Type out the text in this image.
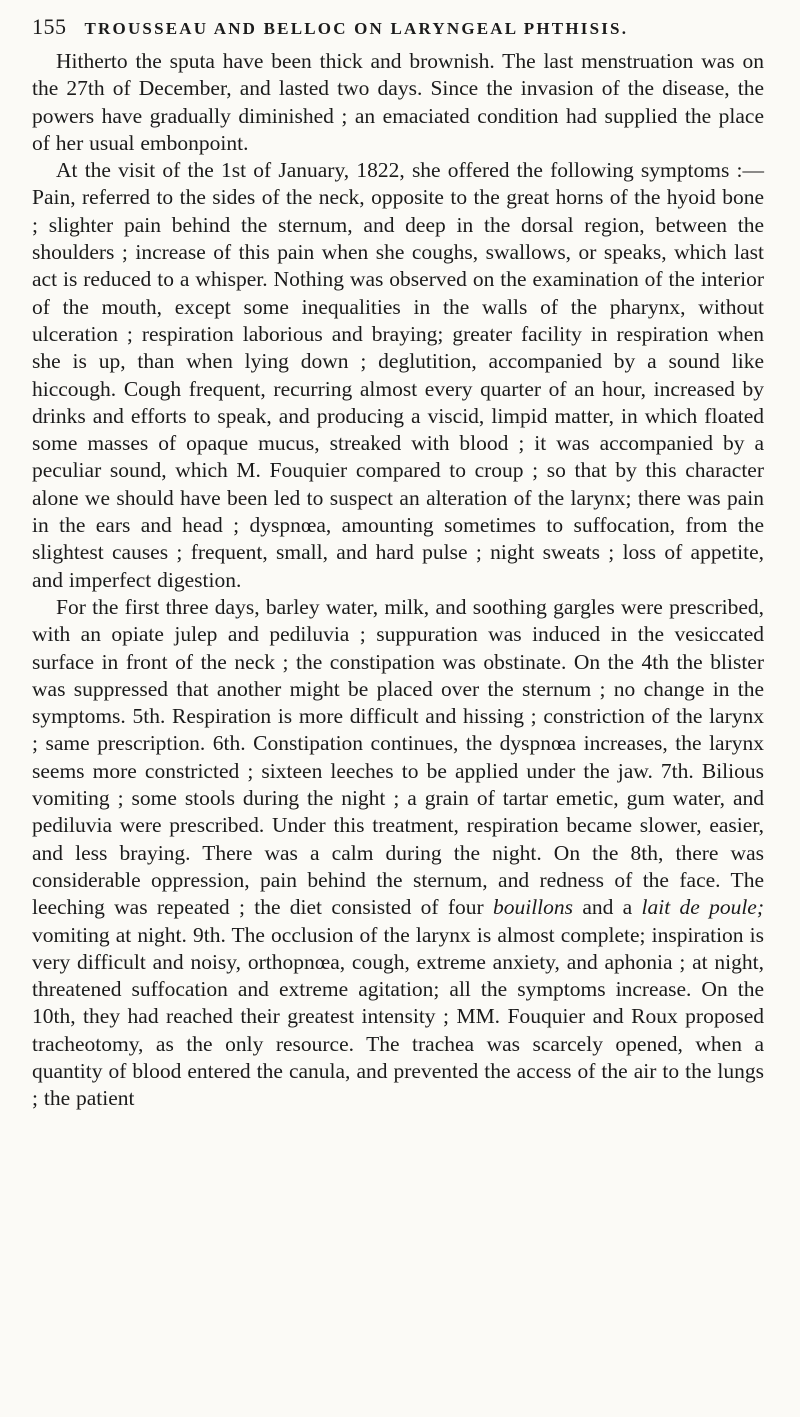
155 TROUSSEAU AND BELLOC ON LARYNGEAL PHTHISIS.

Hitherto the sputa have been thick and brownish. The last menstruation was on the 27th of December, and lasted two days. Since the invasion of the disease, the powers have gradually diminished ; an emaciated condition had supplied the place of her usual embonpoint.

At the visit of the 1st of January, 1822, she offered the following symptoms :—Pain, referred to the sides of the neck, opposite to the great horns of the hyoid bone ; slighter pain behind the sternum, and deep in the dorsal region, between the shoulders ; increase of this pain when she coughs, swallows, or speaks, which last act is reduced to a whisper. Nothing was observed on the examination of the interior of the mouth, except some inequalities in the walls of the pharynx, without ulceration ; respiration laborious and braying; greater facility in respiration when she is up, than when lying down ; deglutition, accompanied by a sound like hiccough. Cough frequent, recurring almost every quarter of an hour, increased by drinks and efforts to speak, and producing a viscid, limpid matter, in which floated some masses of opaque mucus, streaked with blood ; it was accompanied by a peculiar sound, which M. Fouquier compared to croup ; so that by this character alone we should have been led to suspect an alteration of the larynx; there was pain in the ears and head ; dyspnœa, amounting sometimes to suffocation, from the slightest causes ; frequent, small, and hard pulse ; night sweats ; loss of appetite, and imperfect digestion.

For the first three days, barley water, milk, and soothing gargles were prescribed, with an opiate julep and pediluvia ; suppuration was induced in the vesiccated surface in front of the neck ; the constipation was obstinate. On the 4th the blister was suppressed that another might be placed over the sternum ; no change in the symptoms. 5th. Respiration is more difficult and hissing ; constriction of the larynx ; same prescription. 6th. Constipation continues, the dyspnœa increases, the larynx seems more constricted ; sixteen leeches to be applied under the jaw. 7th. Bilious vomiting ; some stools during the night ; a grain of tartar emetic, gum water, and pediluvia were prescribed. Under this treatment, respiration became slower, easier, and less braying. There was a calm during the night. On the 8th, there was considerable oppression, pain behind the sternum, and redness of the face. The leeching was repeated ; the diet consisted of four bouillons and a lait de poule; vomiting at night. 9th. The occlusion of the larynx is almost complete; inspiration is very difficult and noisy, orthopnœa, cough, extreme anxiety, and aphonia ; at night, threatened suffocation and extreme agitation; all the symptoms increase. On the 10th, they had reached their greatest intensity ; MM. Fouquier and Roux proposed tracheotomy, as the only resource. The trachea was scarcely opened, when a quantity of blood entered the canula, and prevented the access of the air to the lungs ; the patient
